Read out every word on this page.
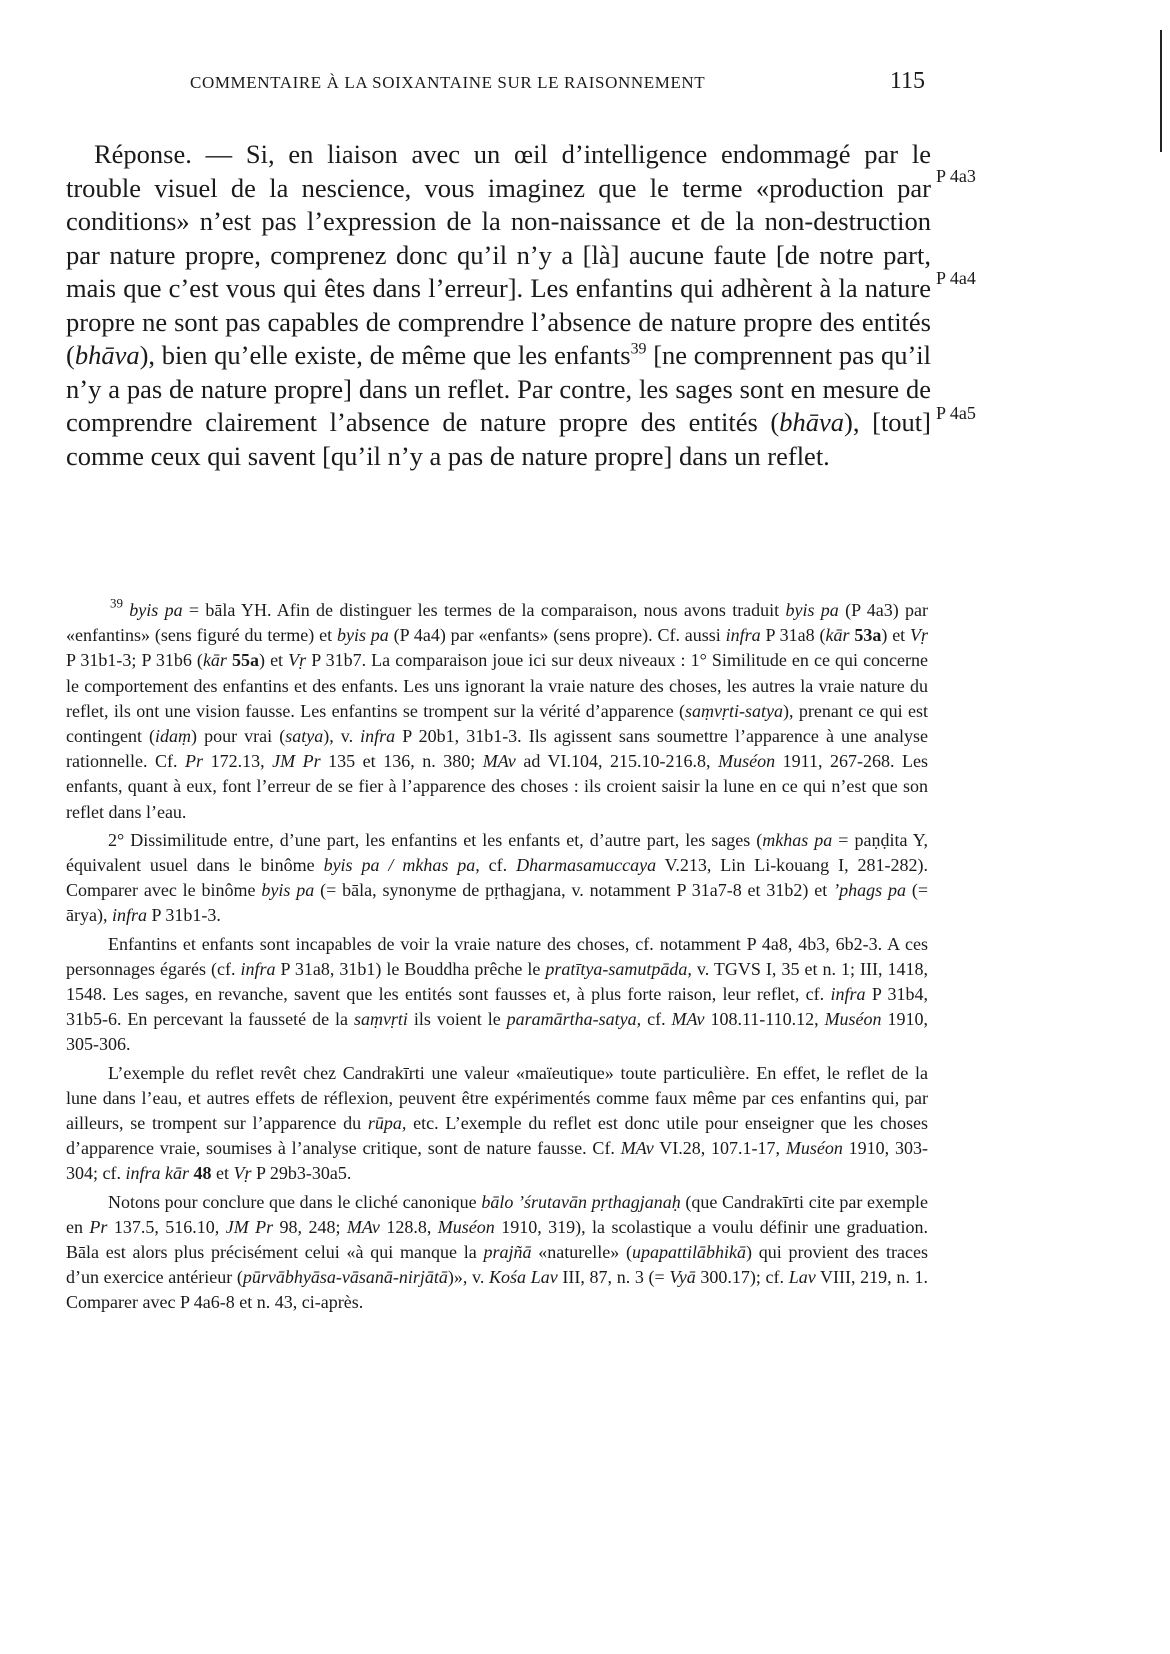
COMMENTAIRE À LA SOIXANTAINE SUR LE RAISONNEMENT	115
P 4a3
P 4a4
P 4a5

Réponse. — Si, en liaison avec un œil d’intelligence endommagé par le trouble visuel de la nescience, vous imaginez que le terme «production par conditions» n’est pas l’expression de la non-naissance et de la non-destruction par nature propre, comprenez donc qu’il n’y a [là] aucune faute [de notre part, mais que c’est vous qui êtes dans l’erreur]. Les enfantins qui adhèrent à la nature propre ne sont pas capables de comprendre l’absence de nature propre des entités (bhāva), bien qu’elle existe, de même que les enfants$^{39}$ [ne comprennent pas qu’il n’y a pas de nature propre] dans un reflet. Par contre, les sages sont en mesure de comprendre clairement l’absence de nature propre des entités (bhāva), [tout] comme ceux qui savent [qu’il n’y a pas de nature propre] dans un reflet.

$^{39}$ byis pa = bāla YH. Afin de distinguer les termes de la comparaison, nous avons traduit byis pa (P 4a3) par «enfantins» (sens figuré du terme) et byis pa (P 4a4) par «enfants» (sens propre). Cf. aussi infra P 31a8 (kār 53a) et Vṛ P 31b1-3; P 31b6 (kār 55a) et Vṛ P 31b7. La comparaison joue ici sur deux niveaux : 1° Similitude en ce qui concerne le comportement des enfantins et des enfants. Les uns ignorant la vraie nature des choses, les autres la vraie nature du reflet, ils ont une vision fausse. Les enfantins se trompent sur la vérité d’apparence (saṃvṛti-satya), prenant ce qui est contingent (idaṃ) pour vrai (satya), v. infra P 20b1, 31b1-3. Ils agissent sans soumettre l’apparence à une analyse rationnelle. Cf. Pr 172.13, JM Pr 135 et 136, n. 380; MAv ad VI.104, 215.10-216.8, Muséon 1911, 267-268. Les enfants, quant à eux, font l’erreur de se fier à l’apparence des choses : ils croient saisir la lune en ce qui n’est que son reflet dans l’eau.

2° Dissimilitude entre, d’une part, les enfantins et les enfants et, d’autre part, les sages (mkhas pa = paṇḍita Y, équivalent usuel dans le binôme byis pa / mkhas pa, cf. Dharmasamuccaya V.213, Lin Li-kouang I, 281-282). Comparer avec le binôme byis pa (= bāla, synonyme de pṛthagjana, v. notamment P 31a7-8 et 31b2) et ’phags pa (= ārya), infra P 31b1-3.

Enfantins et enfants sont incapables de voir la vraie nature des choses, cf. notamment P 4a8, 4b3, 6b2-3. A ces personnages égarés (cf. infra P 31a8, 31b1) le Bouddha prêche le pratītya-samutpāda, v. TGVS I, 35 et n. 1; III, 1418, 1548. Les sages, en revanche, savent que les entités sont fausses et, à plus forte raison, leur reflet, cf. infra P 31b4, 31b5-6. En percevant la fausseté de la saṃvṛti ils voient le paramārtha-satya, cf. MAv 108.11-110.12, Muséon 1910, 305-306.

L’exemple du reflet revêt chez Candrakīrti une valeur «maïeutique» toute particulière. En effet, le reflet de la lune dans l’eau, et autres effets de réflexion, peuvent être expérimentés comme faux même par ces enfantins qui, par ailleurs, se trompent sur l’apparence du rūpa, etc. L’exemple du reflet est donc utile pour enseigner que les choses d’apparence vraie, soumises à l’analyse critique, sont de nature fausse. Cf. MAv VI.28, 107.1-17, Muséon 1910, 303-304; cf. infra kār 48 et Vṛ P 29b3-30a5.

Notons pour conclure que dans le cliché canonique bālo ’śrutavān pṛthagjanaḥ (que Candrakīrti cite par exemple en Pr 137.5, 516.10, JM Pr 98, 248; MAv 128.8, Muséon 1910, 319), la scolastique a voulu définir une graduation. Bāla est alors plus précisément celui «à qui manque la prajñā «naturelle» (upapattilābhikā) qui provient des traces d’un exercice antérieur (pūrvābhyāsa-vāsanā-nirjātā)», v. Kośa Lav III, 87, n. 3 (= Vyā 300.17); cf. Lav VIII, 219, n. 1. Comparer avec P 4a6-8 et n. 43, ci-après.
